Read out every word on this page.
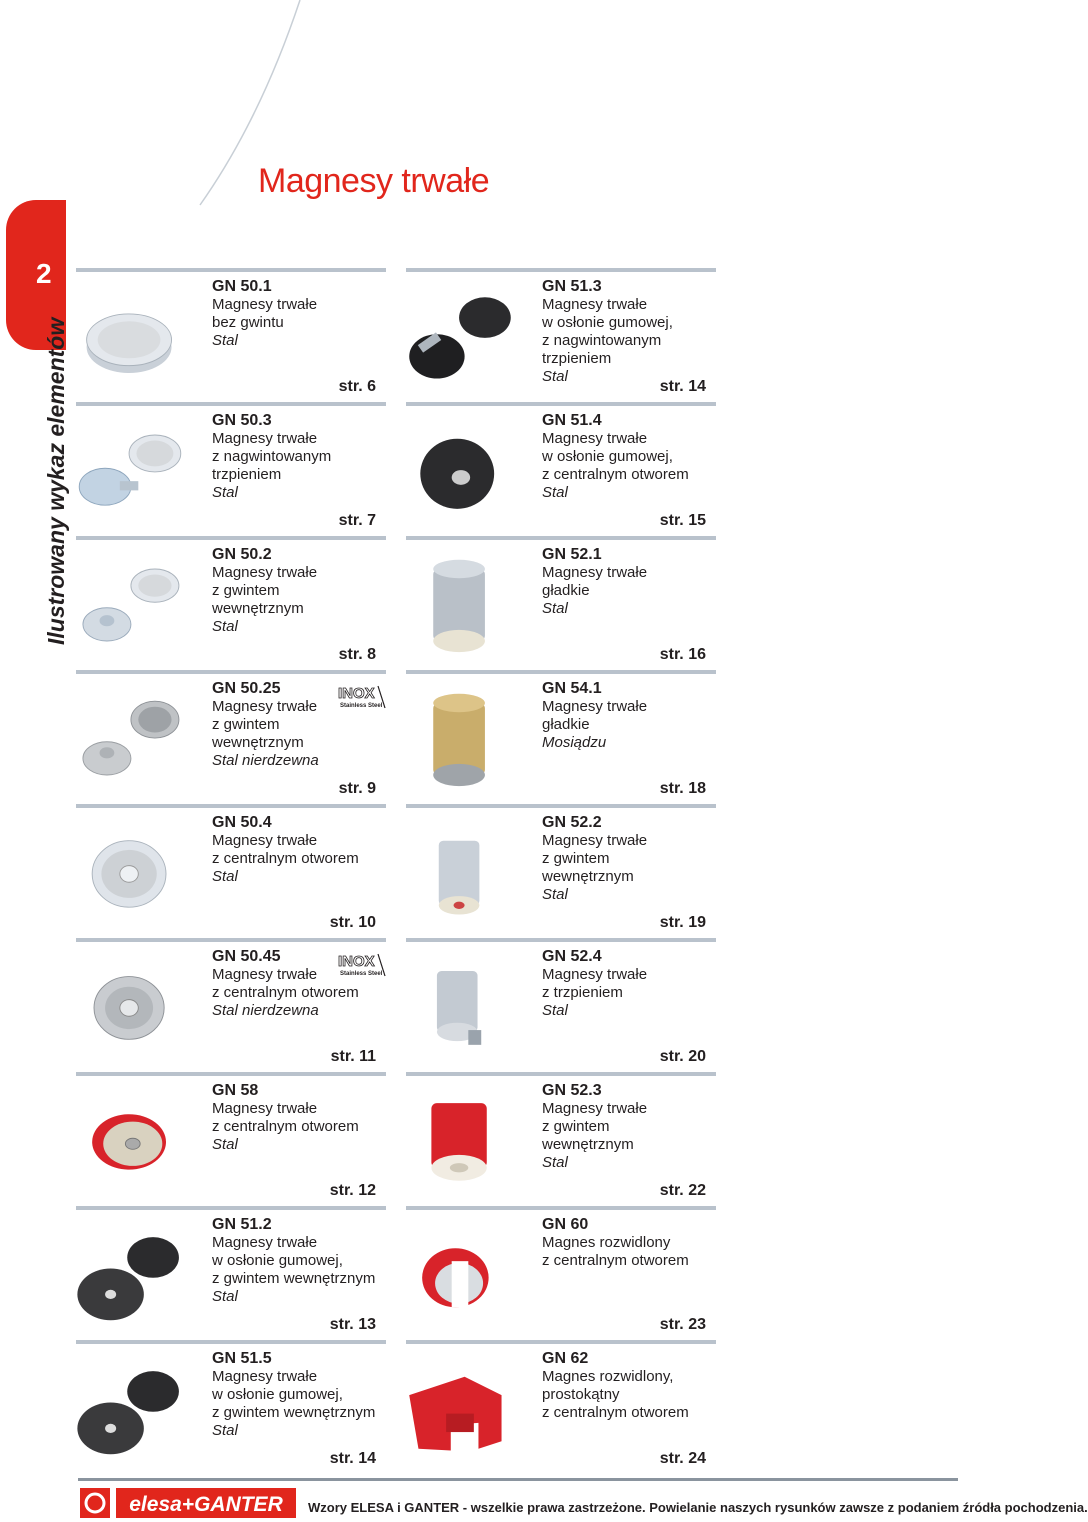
Magnesy trwałe
2
Ilustrowany wykaz elementów
GN 50.1
Magnesy trwałe
bez gwintu
Stal
str. 6
GN 50.3
Magnesy trwałe
z nagwintowanym
trzpieniem
Stal
str. 7
GN 50.2
Magnesy trwałe
z gwintem
wewnętrznym
Stal
str. 8
GN 50.25
Magnesy trwałe
z gwintem
wewnętrznym
Stal nierdzewna
INOX
Stainless Steel
str. 9
GN 50.4
Magnesy trwałe
z centralnym otworem
Stal
str. 10
GN 50.45
Magnesy trwałe
z centralnym otworem
Stal nierdzewna
INOX
Stainless Steel
str. 11
GN 58
Magnesy trwałe
z centralnym otworem
Stal
str. 12
GN 51.2
Magnesy trwałe
w osłonie gumowej,
z gwintem wewnętrznym
Stal
str. 13
GN 51.5
Magnesy trwałe
w osłonie gumowej,
z gwintem wewnętrznym
Stal
str. 14
GN 51.3
Magnesy trwałe
w osłonie gumowej,
z nagwintowanym trzpieniem
Stal
str. 14
GN 51.4
Magnesy trwałe
w osłonie gumowej,
z centralnym otworem
Stal
str. 15
GN 52.1
Magnesy trwałe
gładkie
Stal
str. 16
GN 54.1
Magnesy trwałe
gładkie
Mosiądzu
str. 18
GN 52.2
Magnesy trwałe
z gwintem
wewnętrznym
Stal
str. 19
GN 52.4
Magnesy trwałe
z trzpieniem
Stal
str. 20
GN 52.3
Magnesy trwałe
z gwintem
wewnętrznym
Stal
str. 22
GN 60
Magnes rozwidlony
z centralnym otworem
str. 23
GN 62
Magnes rozwidlony,
prostokątny
z centralnym otworem
str. 24
elesa+GANTER Wzory ELESA i GANTER - wszelkie prawa zastrzeżone. Powielanie naszych rysunków zawsze z podaniem źródła pochodzenia.
